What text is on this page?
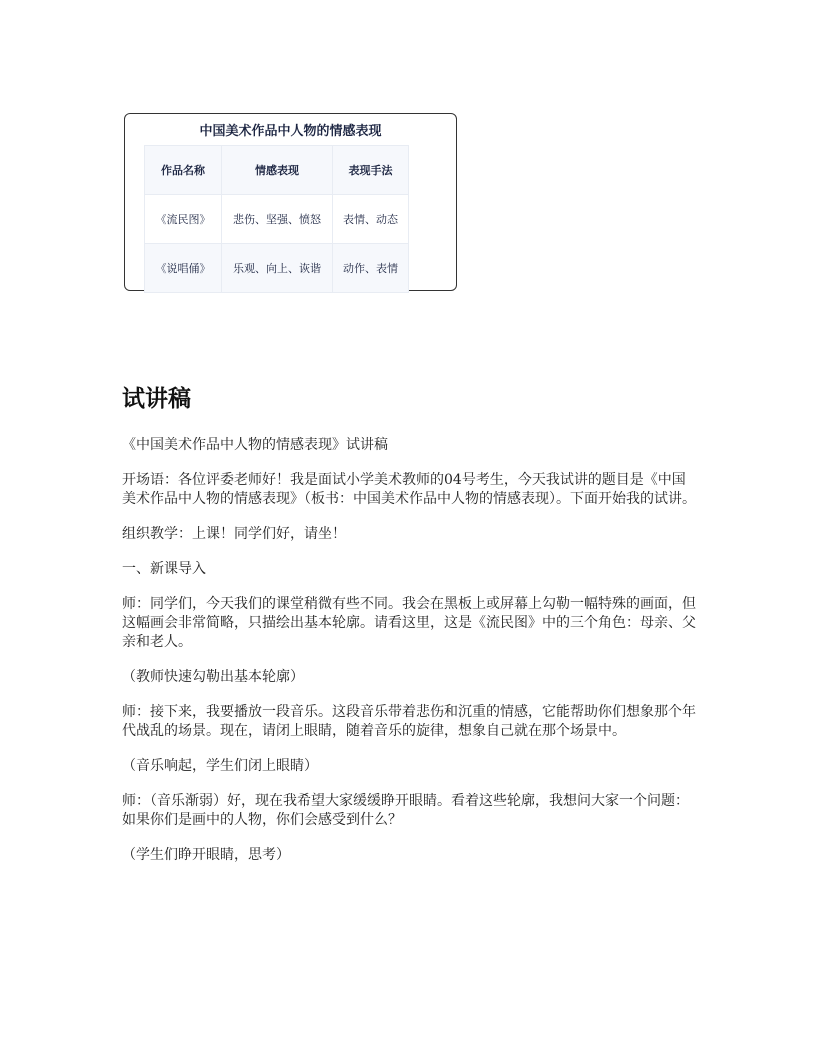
中国美术作品中人物的情感表现
作品名称	情感表现	表现手法
《流民图》	悲伤、坚强、愤怒	表情、动态
《说唱俑》	乐观、向上、诙谐	动作、表情
试讲稿

《中国美术作品中人物的情感表现》试讲稿

开场语：各位评委老师好！我是面试小学美术教师的04号考生，今天我试讲的题目是《中国美术作品中人物的情感表现》（板书：中国美术作品中人物的情感表现）。下面开始我的试讲。

组织教学：上课！同学们好，请坐！

一、新课导入

师：同学们，今天我们的课堂稍微有些不同。我会在黑板上或屏幕上勾勒一幅特殊的画面，但这幅画会非常简略，只描绘出基本轮廓。请看这里，这是《流民图》中的三个角色：母亲、父亲和老人。

（教师快速勾勒出基本轮廓）

师：接下来，我要播放一段音乐。这段音乐带着悲伤和沉重的情感，它能帮助你们想象那个年代战乱的场景。现在，请闭上眼睛，随着音乐的旋律，想象自己就在那个场景中。

（音乐响起，学生们闭上眼睛）

师：（音乐渐弱）好，现在我希望大家缓缓睁开眼睛。看着这些轮廓，我想问大家一个问题：如果你们是画中的人物，你们会感受到什么？

（学生们睁开眼睛，思考）
